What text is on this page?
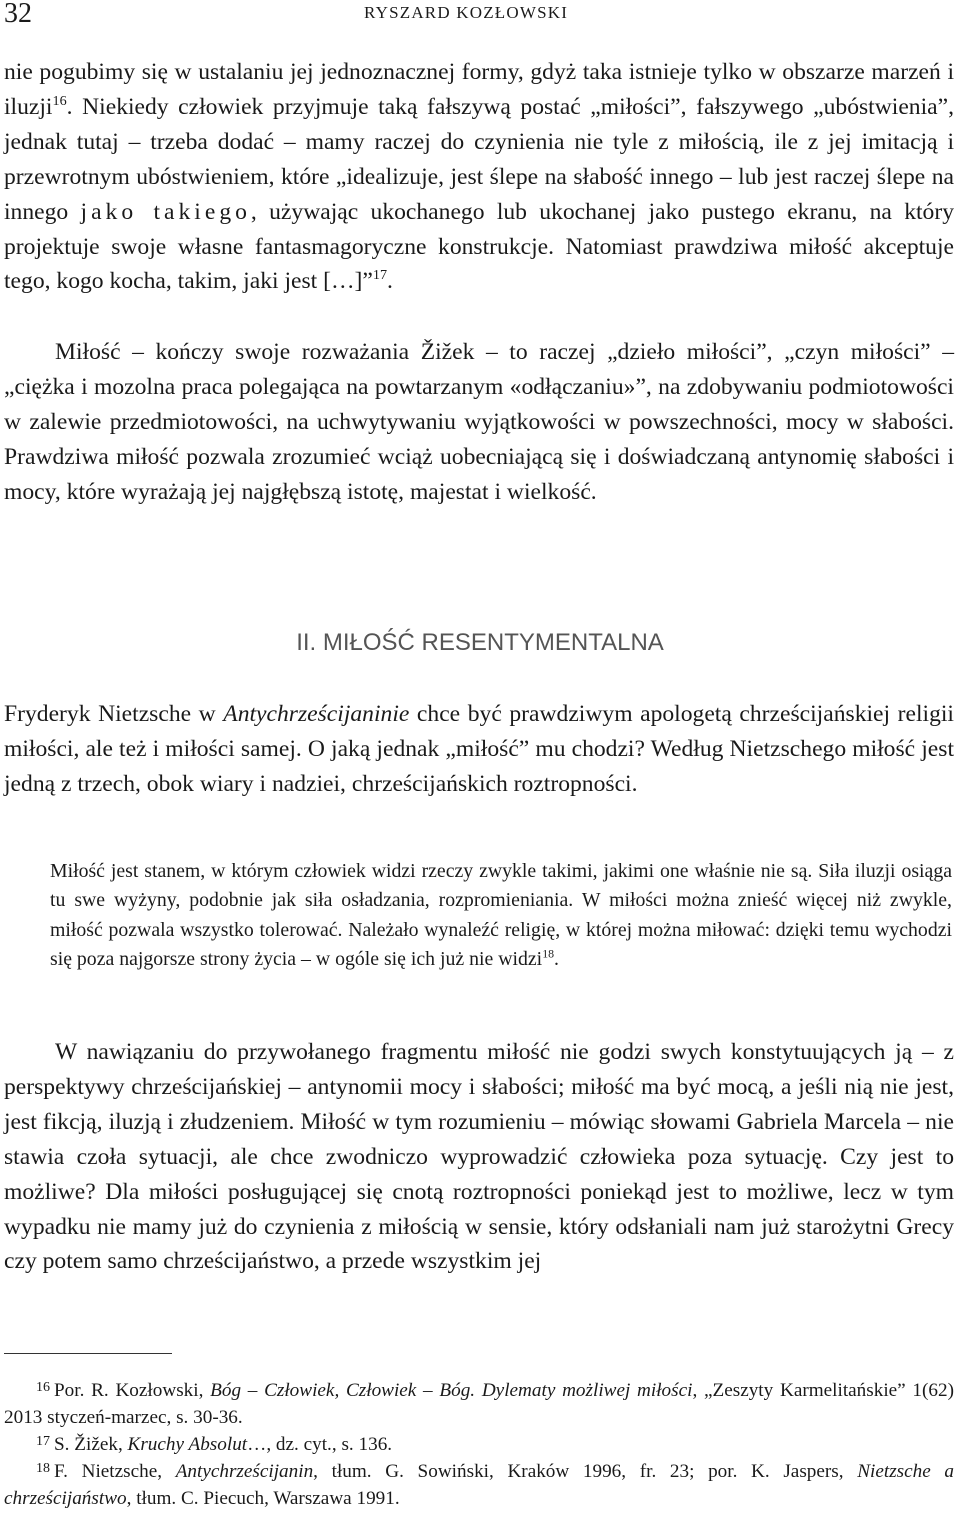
32	RYSZARD KOZŁOWSKI

nie pogubimy się w ustalaniu jej jednoznacznej formy, gdyż taka istnieje tylko w obszarze marzeń i iluzji$^{16}$. Niekiedy człowiek przyjmuje taką fałszywą postać „miłości”, fałszywego „ubóstwienia”, jednak tutaj – trzeba dodać – mamy raczej do czynienia nie tyle z miłością, ile z jej imitacją i przewrotnym ubóstwieniem, które „idealizuje, jest ślepe na słabość innego – lub jest raczej ślepe na innego jako takiego, używając ukochanego lub ukochanej jako pustego ekranu, na który projektuje swoje własne fantasmagoryczne konstrukcje. Natomiast prawdziwa miłość akceptuje tego, kogo kocha, takim, jaki jest […]”$^{17}$.

Miłość – kończy swoje rozważania Žižek – to raczej „dzieło miłości”, „czyn miłości” – „ciężka i mozolna praca polegająca na powtarzanym «odłączaniu»”, na zdobywaniu podmiotowości w zalewie przedmiotowości, na uchwytywaniu wyjątkowości w powszechności, mocy w słabości. Prawdziwa miłość pozwala zrozumieć wciąż uobecniającą się i doświadczaną antynomię słabości i mocy, które wyrażają jej najgłębszą istotę, majestat i wielkość.

II. MIŁOŚĆ RESENTYMENTALNA

Fryderyk Nietzsche w Antychrześcijaninie chce być prawdziwym apologetą chrześcijańskiej religii miłości, ale też i miłości samej. O jaką jednak „miłość” mu chodzi? Według Nietzschego miłość jest jedną z trzech, obok wiary i nadziei, chrześcijańskich roztropności.

Miłość jest stanem, w którym człowiek widzi rzeczy zwykle takimi, jakimi one właśnie nie są. Siła iluzji osiąga tu swe wyżyny, podobnie jak siła osładzania, rozpromieniania. W miłości można znieść więcej niż zwykle, miłość pozwala wszystko tolerować. Należało wynaleźć religię, w której można miłować: dzięki temu wychodzi się poza najgorsze strony życia – w ogóle się ich już nie widzi$^{18}$.

W nawiązaniu do przywołanego fragmentu miłość nie godzi swych konstytuujących ją – z perspektywy chrześcijańskiej – antynomii mocy i słabości; miłość ma być mocą, a jeśli nią nie jest, jest fikcją, iluzją i złudzeniem. Miłość w tym rozumieniu – mówiąc słowami Gabriela Marcela – nie stawia czoła sytuacji, ale chce zwodniczo wyprowadzić człowieka poza sytuację. Czy jest to możliwe? Dla miłości posługującej się cnotą roztropności poniekąd jest to możliwe, lecz w tym wypadku nie mamy już do czynienia z miłością w sensie, który odsłaniali nam już starożytni Grecy czy potem samo chrześcijaństwo, a przede wszystkim jej

16 Por. R. Kozłowski, Bóg – Człowiek, Człowiek – Bóg. Dylematy możliwej miłości, „Zeszyty Karmelitańskie” 1(62) 2013 styczeń-marzec, s. 30-36.

17 S. Žižek, Kruchy Absolut…, dz. cyt., s. 136.

18 F. Nietzsche, Antychrześcijanin, tłum. G. Sowiński, Kraków 1996, fr. 23; por. K. Jaspers, Nietzsche a chrześcijaństwo, tłum. C. Piecuch, Warszawa 1991.
